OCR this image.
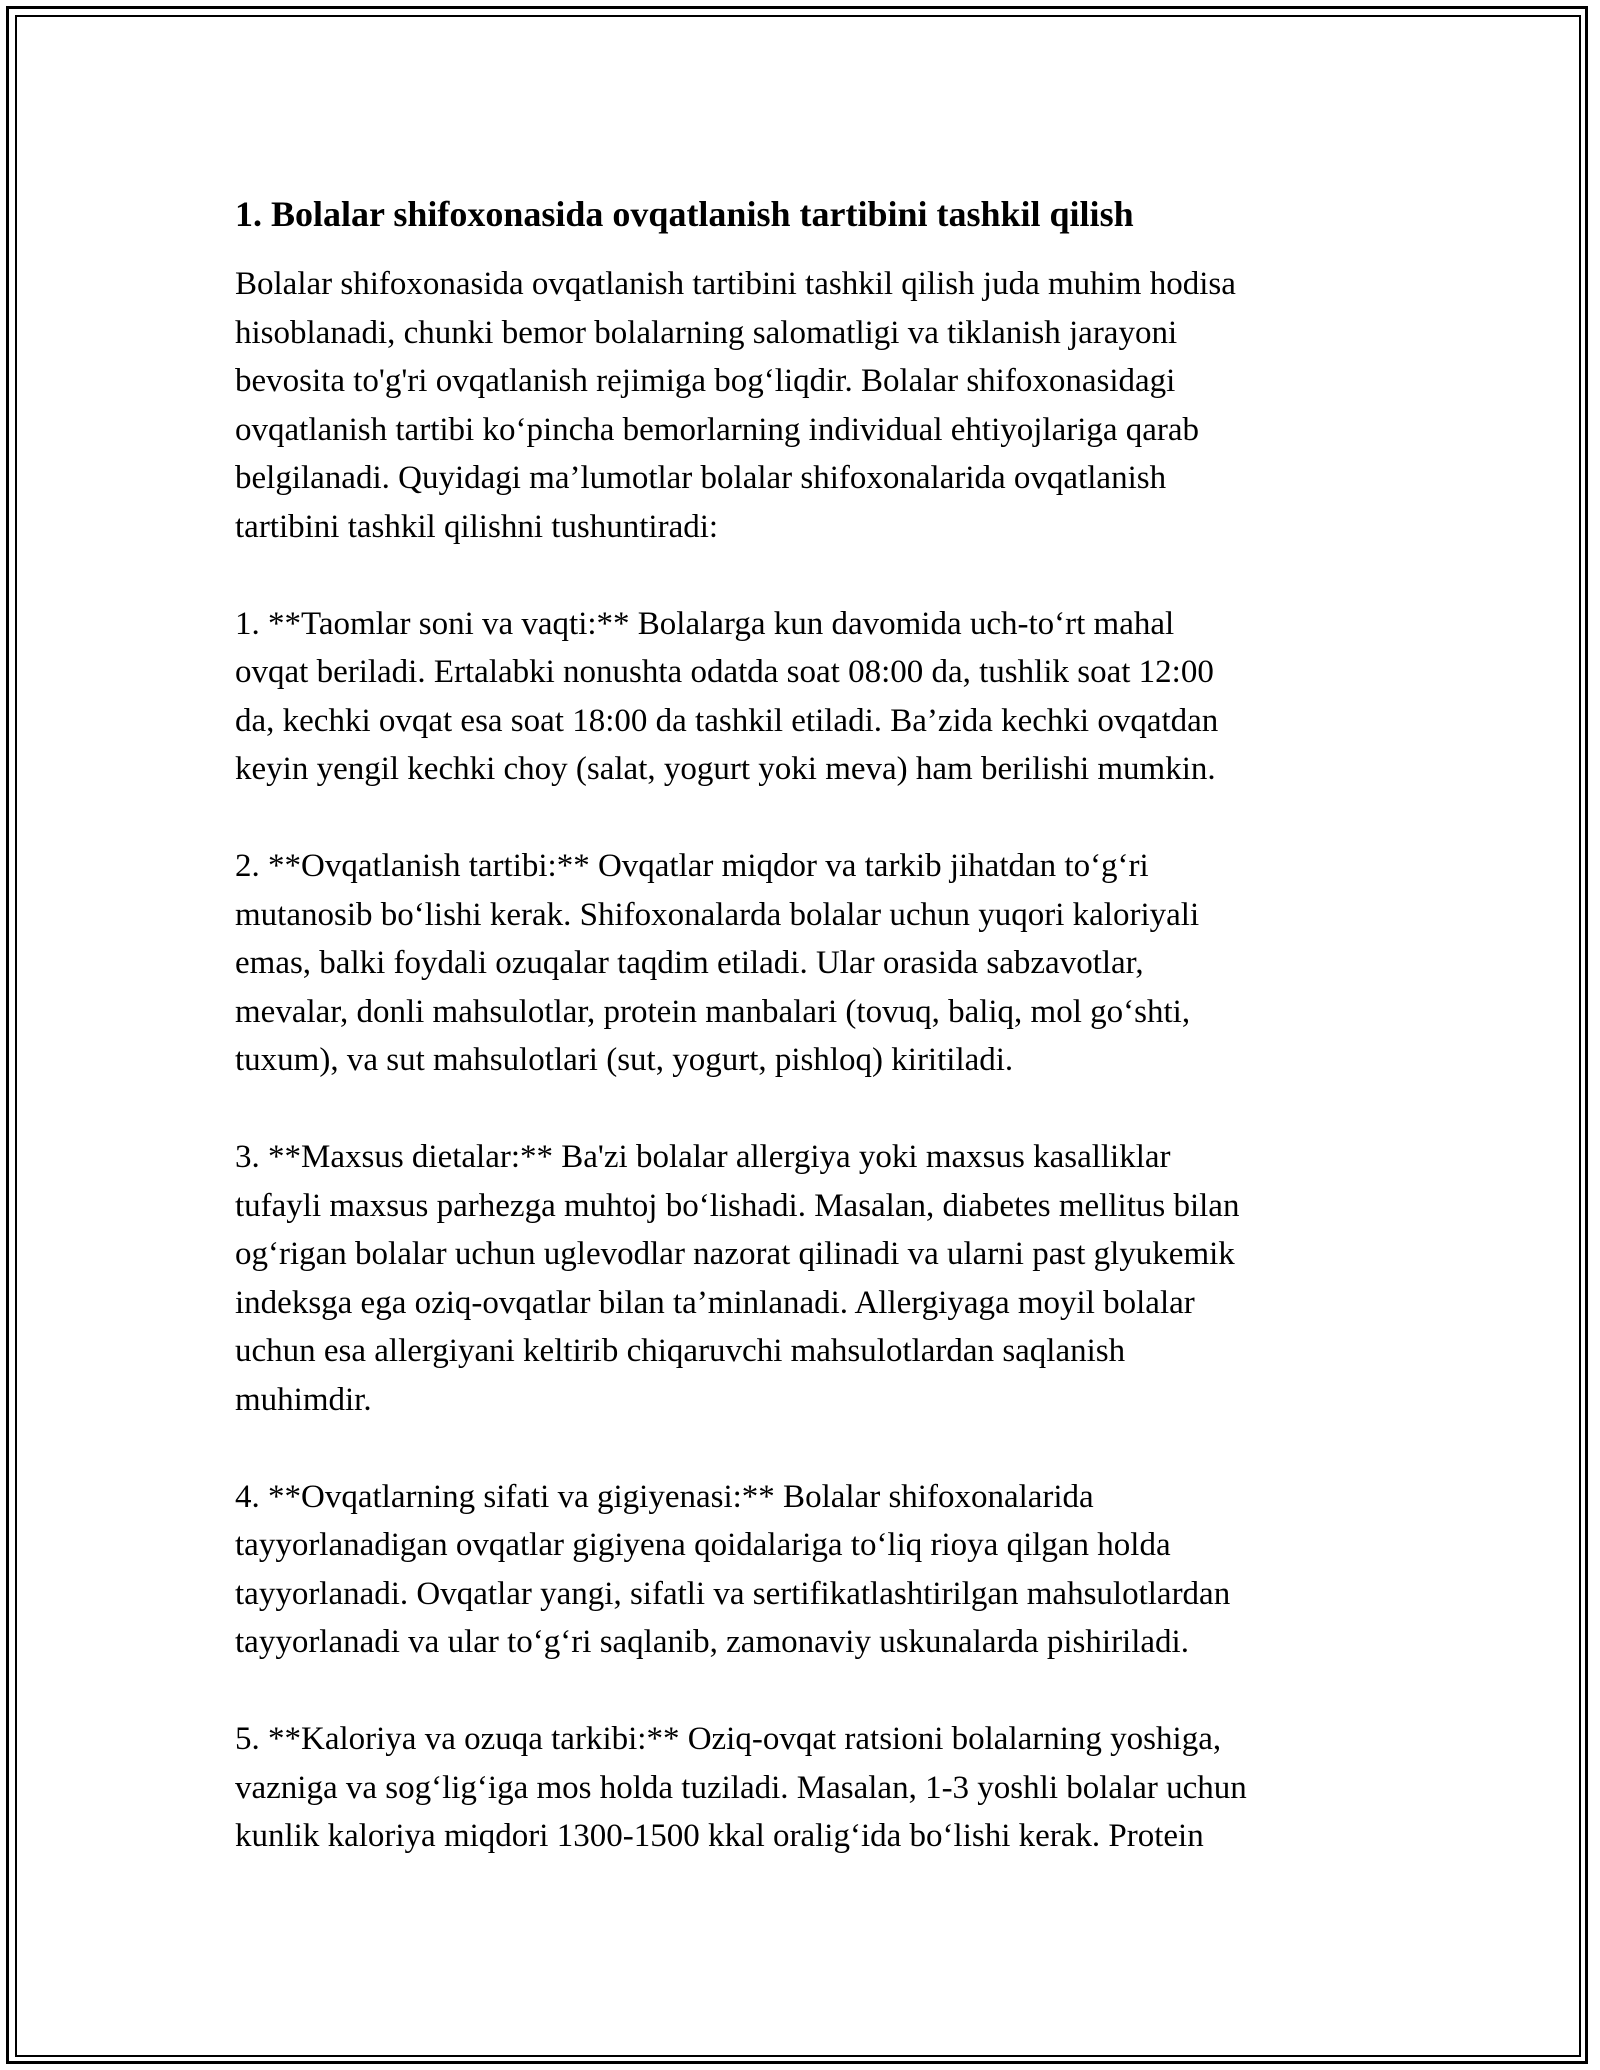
1. Bolalar shifoxonasida ovqatlanish tartibini tashkil qilish

Bolalar shifoxonasida ovqatlanish tartibini tashkil qilish juda muhim hodisa
hisoblanadi, chunki bemor bolalarning salomatligi va tiklanish jarayoni
bevosita to'g'ri ovqatlanish rejimiga bog‘liqdir. Bolalar shifoxonasidagi
ovqatlanish tartibi ko‘pincha bemorlarning individual ehtiyojlariga qarab
belgilanadi. Quyidagi ma’lumotlar bolalar shifoxonalarida ovqatlanish
tartibini tashkil qilishni tushuntiradi:

1. **Taomlar soni va vaqti:** Bolalarga kun davomida uch-to‘rt mahal
ovqat beriladi. Ertalabki nonushta odatda soat 08:00 da, tushlik soat 12:00
da, kechki ovqat esa soat 18:00 da tashkil etiladi. Ba’zida kechki ovqatdan
keyin yengil kechki choy (salat, yogurt yoki meva) ham berilishi mumkin.

2. **Ovqatlanish tartibi:** Ovqatlar miqdor va tarkib jihatdan to‘g‘ri
mutanosib bo‘lishi kerak. Shifoxonalarda bolalar uchun yuqori kaloriyali
emas, balki foydali ozuqalar taqdim etiladi. Ular orasida sabzavotlar,
mevalar, donli mahsulotlar, protein manbalari (tovuq, baliq, mol go‘shti,
tuxum), va sut mahsulotlari (sut, yogurt, pishloq) kiritiladi.

3. **Maxsus dietalar:** Ba'zi bolalar allergiya yoki maxsus kasalliklar
tufayli maxsus parhezga muhtoj bo‘lishadi. Masalan, diabetes mellitus bilan
og‘rigan bolalar uchun uglevodlar nazorat qilinadi va ularni past glyukemik
indeksga ega oziq-ovqatlar bilan ta’minlanadi. Allergiyaga moyil bolalar
uchun esa allergiyani keltirib chiqaruvchi mahsulotlardan saqlanish
muhimdir.

4. **Ovqatlarning sifati va gigiyenasi:** Bolalar shifoxonalarida
tayyorlanadigan ovqatlar gigiyena qoidalariga to‘liq rioya qilgan holda
tayyorlanadi. Ovqatlar yangi, sifatli va sertifikatlashtirilgan mahsulotlardan
tayyorlanadi va ular to‘g‘ri saqlanib, zamonaviy uskunalarda pishiriladi.

5. **Kaloriya va ozuqa tarkibi:** Oziq-ovqat ratsioni bolalarning yoshiga,
vazniga va sog‘lig‘iga mos holda tuziladi. Masalan, 1-3 yoshli bolalar uchun
kunlik kaloriya miqdori 1300-1500 kkal oralig‘ida bo‘lishi kerak. Protein
